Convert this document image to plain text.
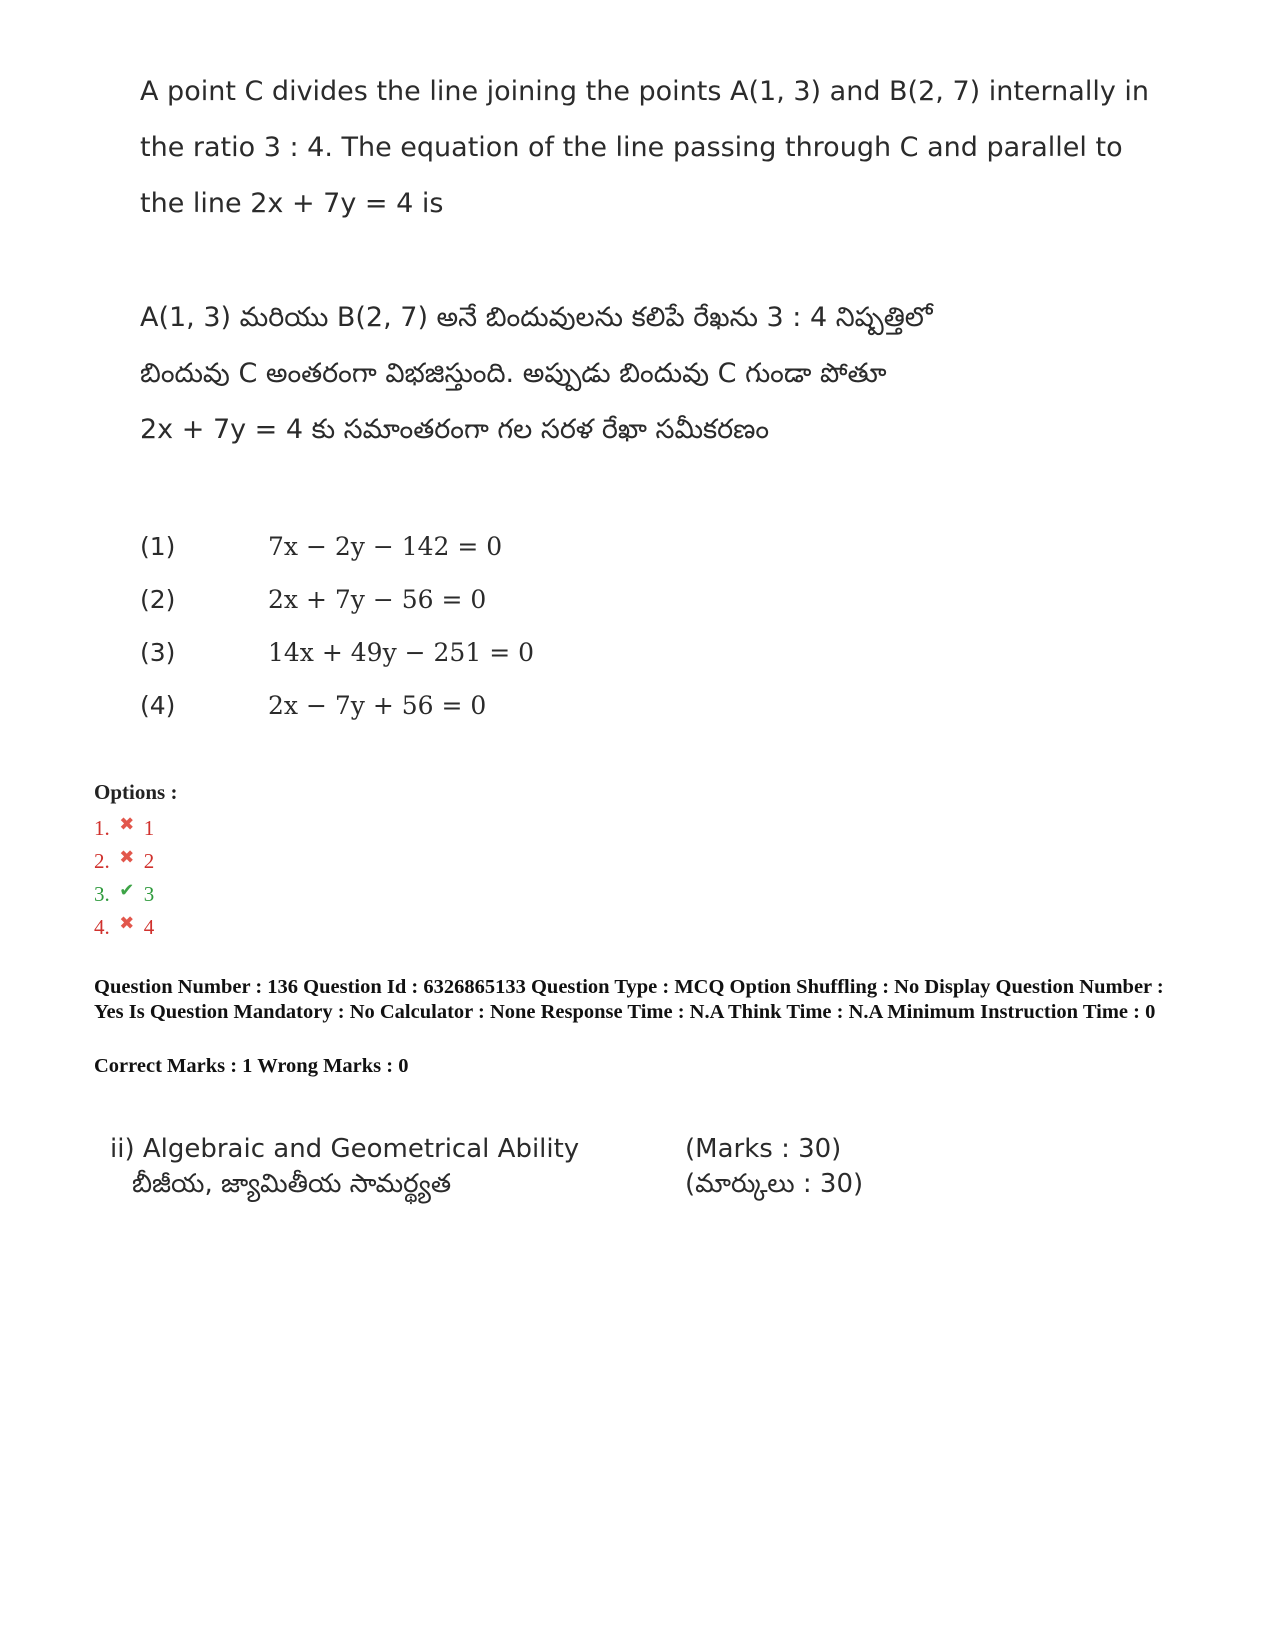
A point C divides the line joining the points A(1, 3) and B(2, 7) internally in
the ratio 3 : 4. The equation of the line passing through C and parallel to
the line 2x + 7y = 4 is
A(1, 3) మరియు B(2, 7) అనే బిందువులను కలిపే రేఖను 3 : 4 నిష్పత్తిలో
బిందువు C అంతరంగా విభజిస్తుంది. అప్పుడు బిందువు C గుండా పోతూ
2x + 7y = 4 కు సమాంతరంగా గల సరళ రేఖా సమీకరణం
(1)	7x − 2y − 142 = 0
(2)	2x + 7y − 56 = 0
(3)	14x + 49y − 251 = 0
(4)	2x − 7y + 56 = 0
Options :
1. ✖ 1
2. ✖ 2
3. ✔ 3
4. ✖ 4
Question Number : 136 Question Id : 6326865133 Question Type : MCQ Option Shuffling : No Display Question Number : Yes Is Question Mandatory : No Calculator : None Response Time : N.A Think Time : N.A Minimum Instruction Time : 0
Correct Marks : 1 Wrong Marks : 0
ii) Algebraic and Geometrical Ability	(Marks : 30)
బీజీయ, జ్యామితీయ సామర్థ్యత	(మార్కులు : 30)
